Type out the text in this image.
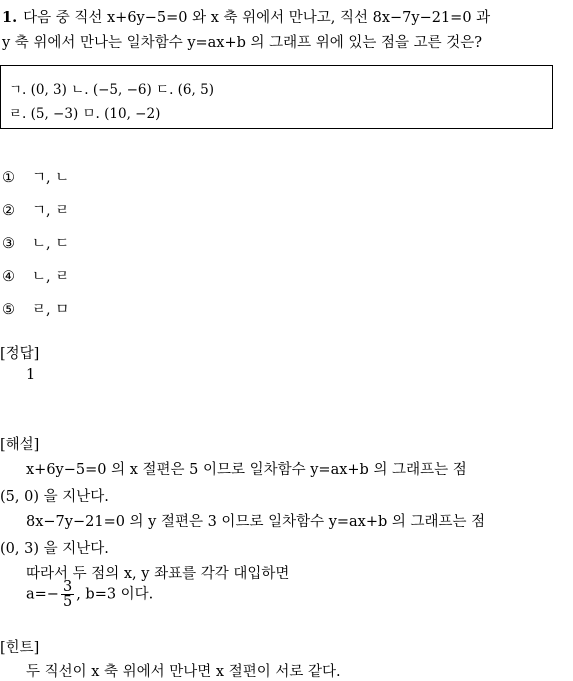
1. 다음 중 직선 x+6y−5=0 와 x 축 위에서 만나고, 직선 8x−7y−21=0 과
y 축 위에서 만나는 일차함수 y=ax+b 의 그래프 위에 있는 점을 고른 것은?
ㄱ. (0, 3) ㄴ. (−5, −6) ㄷ. (6, 5)
ㄹ. (5, −3) ㅁ. (10, −2)
① ㄱ, ㄴ
② ㄱ, ㄹ
③ ㄴ, ㄷ
④ ㄴ, ㄹ
⑤ ㄹ, ㅁ
[정답]
1
[해설]
x+6y−5=0 의 x 절편은 5 이므로 일차함수 y=ax+b 의 그래프는 점
(5, 0) 을 지난다.
8x−7y−21=0 의 y 절편은 3 이므로 일차함수 y=ax+b 의 그래프는 점
(0, 3) 을 지난다.
따라서 두 점의 x, y 좌표를 각각 대입하면
$a=- \frac{3}{5}$ , b=3 이다.
[힌트]
두 직선이 x 축 위에서 만나면 x 절편이 서로 같다.
